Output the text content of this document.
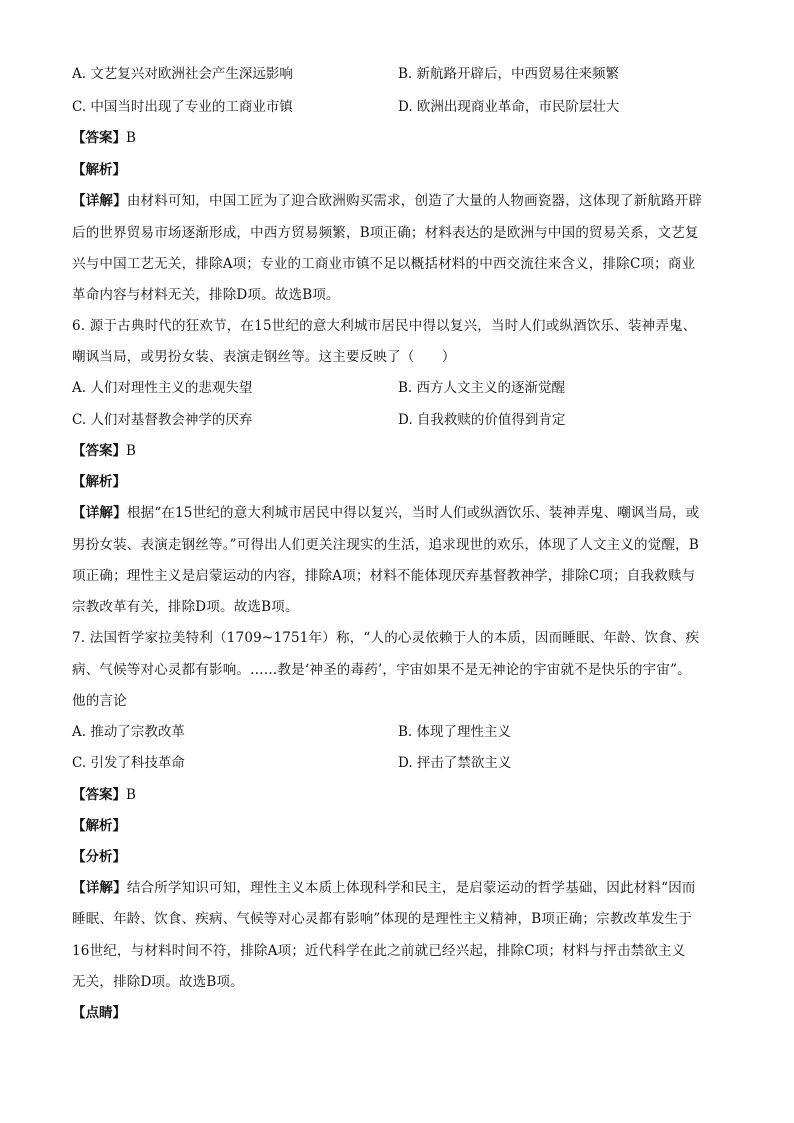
A. 文艺复兴对欧洲社会产生深远影响	B. 新航路开辟后，中西贸易往来频繁
C. 中国当时出现了专业的工商业市镇	D. 欧洲出现商业革命，市民阶层壮大
【答案】B
【解析】
【详解】由材料可知，中国工匠为了迎合欧洲购买需求，创造了大量的人物画瓷器，这体现了新航路开辟
后的世界贸易市场逐渐形成，中西方贸易频繁，B项正确；材料表达的是欧洲与中国的贸易关系，文艺复
兴与中国工艺无关，排除A项；专业的工商业市镇不足以概括材料的中西交流往来含义，排除C项；商业
革命内容与材料无关，排除D项。故选B项。
6. 源于古典时代的狂欢节，在15世纪的意大利城市居民中得以复兴，当时人们或纵酒饮乐、装神弄鬼、
嘲讽当局，或男扮女装、表演走钢丝等。这主要反映了（　　）
A. 人们对理性主义的悲观失望	B. 西方人文主义的逐渐觉醒
C. 人们对基督教会神学的厌弃	D. 自我救赎的价值得到肯定
【答案】B
【解析】
【详解】根据“在15世纪的意大利城市居民中得以复兴，当时人们或纵酒饮乐、装神弄鬼、嘲讽当局，或
男扮女装、表演走钢丝等。”可得出人们更关注现实的生活，追求现世的欢乐，体现了人文主义的觉醒，B
项正确；理性主义是启蒙运动的内容，排除A项；材料不能体现厌弃基督教神学，排除C项；自我救赎与
宗教改革有关，排除D项。故选B项。
7. 法国哲学家拉美特利（1709~1751年）称，“人的心灵依赖于人的本质，因而睡眠、年龄、饮食、疾
病、气候等对心灵都有影响。……教是‘神圣的毒药’，宇宙如果不是无神论的宇宙就不是快乐的宇宙”。
他的言论
A. 推动了宗教改革	B. 体现了理性主义
C. 引发了科技革命	D. 抨击了禁欲主义
【答案】B
【解析】
【分析】
【详解】结合所学知识可知，理性主义本质上体现科学和民主，是启蒙运动的哲学基础，因此材料“因而
睡眠、年龄、饮食、疾病、气候等对心灵都有影响”体现的是理性主义精神，B项正确；宗教改革发生于
16世纪，与材料时间不符，排除A项；近代科学在此之前就已经兴起，排除C项；材料与抨击禁欲主义
无关，排除D项。故选B项。
【点睛】
